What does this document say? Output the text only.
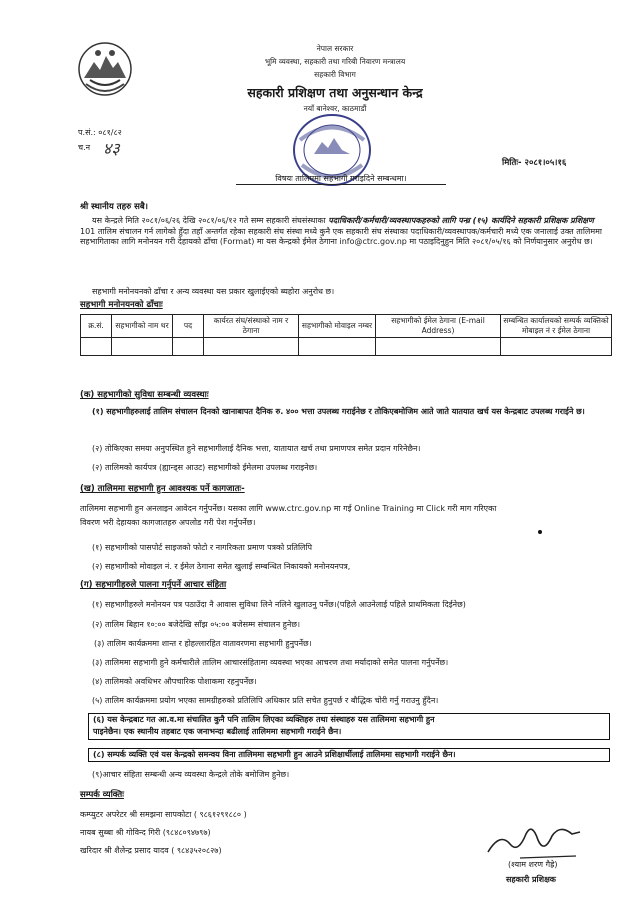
नेपाल सरकार
भूमि व्यवस्था, सहकारी तथा गरिबी निवारण मन्त्रालय
सहकारी विभाग
सहकारी प्रशिक्षण तथा अनुसन्धान केन्द्र
नयाँ बानेश्वर, काठमाडौं
प.सं.: ०८१/८२
च.न ४३
मितिः- २०८१।०५।१६
विषयः तालिममा सहभागी गराइदिने सम्बन्धमा।
श्री स्थानीय तहरु सबै।
यस केन्द्रले मिति २०८१/०६/२६ देखि २०८१/०६/१२ गते सम्म सहकारी संघसंस्थाका पदाधिकारी/कर्मचारी/व्यवस्थापकहरुको लागि पन्ध्र (१५) कार्यदिने सहकारी प्रशिक्षक प्रशिक्षण 101 तालिम संचालन गर्न लागेको हुँदा तहाँ अन्तर्गत रहेका सहकारी संघ संस्था मध्ये कुनै एक सहकारी संघ संस्थाका पदाधिकारी/व्यवस्थापक/कर्मचारी मध्ये एक जनालाई उक्त तालिममा सहभागिताका लागि मनोनयन गरी देहायको ढाँचा (Format) मा यस केन्द्रको ईमेल ठेगाना info@ctrc.gov.np मा पठाइदिनुहुन मिति २०८१/०५/१६ को निर्णयानुसार अनुरोध छ।
सहभागी मनोनयनको ढाँचा र अन्य व्यवस्था यस प्रकार खुलाईएको ब्यहोरा अनुरोध छ।
सहभागी मनोनयनको ढाँचाः
क्र.सं.	सहभागीको नाम थर	पद	कार्यरत संघ/संस्थाको नाम र ठेगाना	सहभागीको मोवाइल नम्बर	सहभागीको ईमेल ठेगाना (E-mail Address)	सम्बन्धित कार्यालयको सम्पर्क व्यक्तिको मोबाइल नं र ईमेल ठेगाना

(क) सहभागीको सुविधा सम्बन्धी व्यवस्थाः
(१) सहभागीहरुलाई तालिम संचालन दिनको खानाबापत दैनिक रु. ४०० भत्ता उपलब्ध गराईनेछ र तोकिएबमोजिम आते जाते यातयात खर्च यस केन्द्रबाट उपलब्ध गराईने छ।
(२) तोकिएका समया अनुपस्थित हुने सहभागीलाई दैनिक भत्ता, यातायात खर्च तथा प्रमाणपत्र समेत प्रदान गरिनेछैन।
(२) तालिमको कार्यपत्र (ह्यान्ड्स आउट) सहभागीको ईमेलमा उपलब्ध गराइनेछ।
(ख) तालिममा सहभागी हुन आवश्यक पर्ने कागजातः-
तालिममा सहभागी हुन अनलाइन आवेदन गर्नुपर्नेछ। यसका लागि www.ctrc.gov.np मा गई Online Training मा Click गरी माग गरिएका
विवरण भरी देहायका कागजातहरु अपलोड गरी पेश गर्नुपर्नेछ।
(१) सहभागीको पासपोर्ट साइजको फोटो र नागरिकता प्रमाण पत्रको प्रतिलिपि
(२) सहभागीको मोवाइल नं. र ईमेल ठेगाना समेत खुलाई सम्बन्धित निकायको मनोनयनपत्र,
(ग) सहभागीहरुले पालना गर्नुपर्ने आचार संहिता
(१) सहभागीहरुले मनोनयन पत्र पठाउँदा नै आवास सुविधा लिने नलिने खुलाउनु पर्नेछ।(पहिले आउनेलाई पहिले प्राथमिकता दिईनेछ)
(२) तालिम बिहान १०:०० बजेदेखि साँझ ०५:०० बजेसम्म संचालन हुनेछ।
(३) तालिम कार्यक्रममा शान्त र होहल्लारहित वातावरणमा सहभागी हुनुपर्नेछ।
(३) तालिममा सहभागी हुने कर्मचारीले तालिम आचारसंहितामा व्यवस्था भएका आचरण तथा मर्यादाको समेत पालना गर्नुपर्नेछ।
(४) तालिमको अवधिभर औपचारिक पोशाकमा रहनुपर्नेछ।
(५) तालिम कार्यक्रममा प्रयोग भएका सामग्रीहरुको प्रतिलिपि अधिकार प्रति सचेत हुनुपर्छ र बौद्धिक चोरी गर्नु गराउनु हुँदैन।
(६) यस केन्द्रबाट गत आ.व.मा संचालित कुनै पनि तालिम लिएका व्यक्तिहरु तथा संस्थाहरु यस तालिममा सहभागी हुन
पाइनेछैन। एक स्थानीय तहबाट एक जनाभन्दा बढीलाई तालिममा सहभागी गराईने छैन।
(८) सम्पर्क व्यक्ति एवं यस केन्द्रको समन्वय विना तालिममा सहभागी हुन आउने प्रशिक्षार्थीलाई तालिममा सहभागी गराईने छैन।
(९)आचार संहिता सम्बन्धी अन्य व्यवस्था केन्द्रले तोके बमोजिम हुनेछ।
सम्पर्क व्यक्तिः
कम्प्युटर अपरेटर श्री समझना सापकोटा ( ९८६१२९१८८० )
नायब सुब्बा श्री गोविन्द गिरी (९८४८०९४७९७)
खरिदार श्री शैलेन्द्र प्रसाद यादव ( ९८४३५२०८२७)
(श्याम शरण गैह्रे)
सहकारी प्रशिक्षक
